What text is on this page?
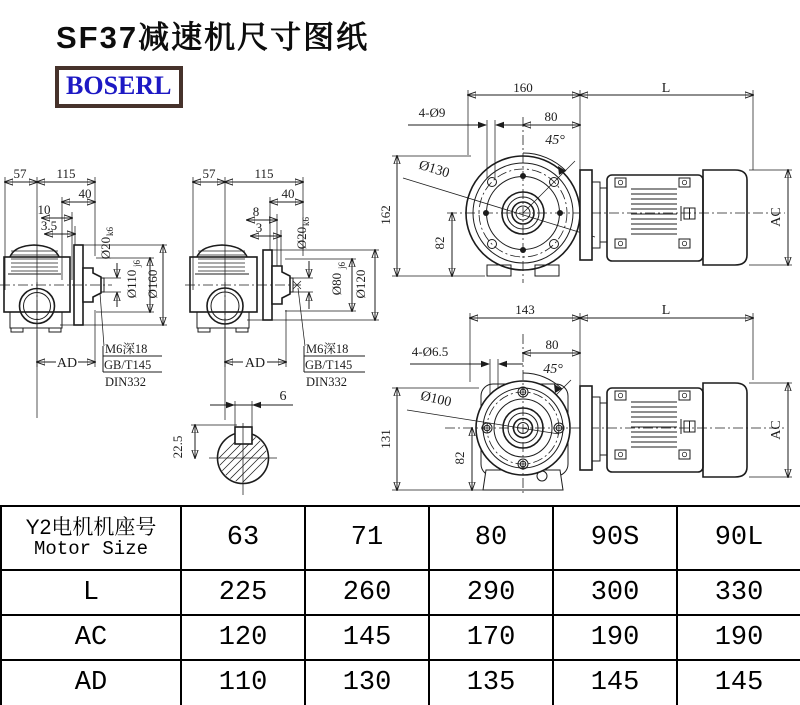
SF37减速机尺寸图纸
BOSERL
57 115
40
10
3.5
Ø20
k6
Ø110
j6
Ø160
AD
M6深18
GB/T145
DIN332
57	115
40
8
3 Ø20
k6
Ø80
j6
Ø120
AD
M6深18
GB/T145
DIN332
6
22.5
160	L
4-Ø9	80
45°
Ø130
AC
162
82
143	L
4-Ø6.5	80
45°
Ø100
AC
131
82
Y2电机机座号
Motor Size	63	71	80	90S	90L
L	225	260	290	300	330
AC	120	145	170	190	190
AD	110	130	135	145	145
